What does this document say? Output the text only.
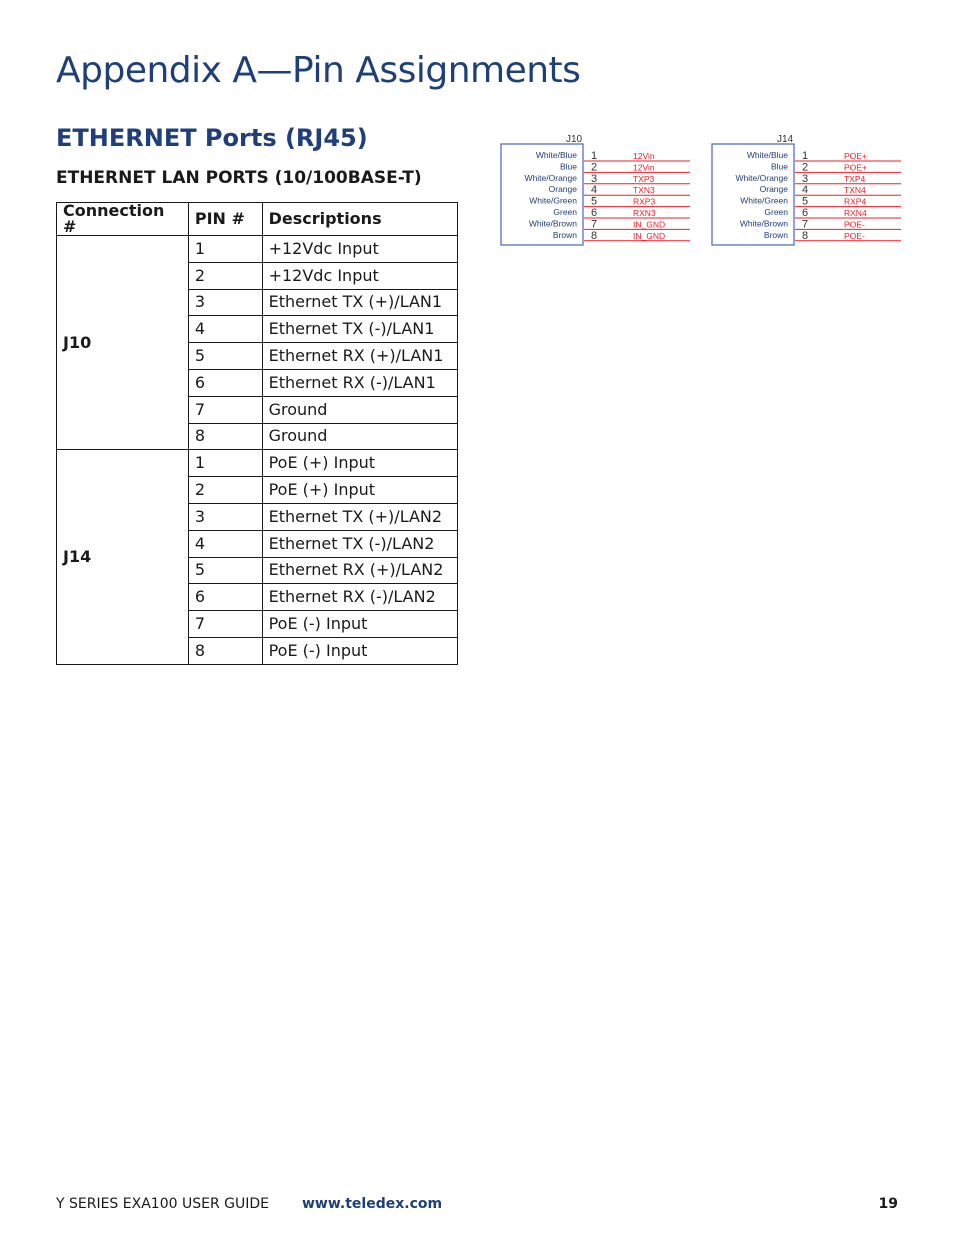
Appendix A—Pin Assignments
ETHERNET Ports (RJ45)
ETHERNET LAN PORTS (10/100BASE-T)
Connection #	PIN #	Descriptions
J10	1	+12Vdc Input
	2	+12Vdc Input
	3	Ethernet TX (+)/LAN1
	4	Ethernet TX (-)/LAN1
	5	Ethernet RX (+)/LAN1
	6	Ethernet RX (-)/LAN1
	7	Ground
	8	Ground
J14	1	PoE (+) Input
	2	PoE (+) Input
	3	Ethernet TX (+)/LAN2
	4	Ethernet TX (-)/LAN2
	5	Ethernet RX (+)/LAN2
	6	Ethernet RX (-)/LAN2
	7	PoE (-) Input
	8	PoE (-) Input
J10
White/Blue 1	12Vin
Blue 2	12Vin
White/Orange 3	TXP3
Orange 4	TXN3
White/Green 5	RXP3
Green 6	RXN3
White/Brown 7	IN_GND
Brown 8	IN_GND
J14
White/Blue 1	POE+
Blue 2	POE+
White/Orange 3	TXP4
Orange 4	TXN4
White/Green 5	RXP4
Green 6	RXN4
White/Brown 7	POE-
Brown 8	POE-
Y SERIES EXA100 USER GUIDE www.teledex.com	19
